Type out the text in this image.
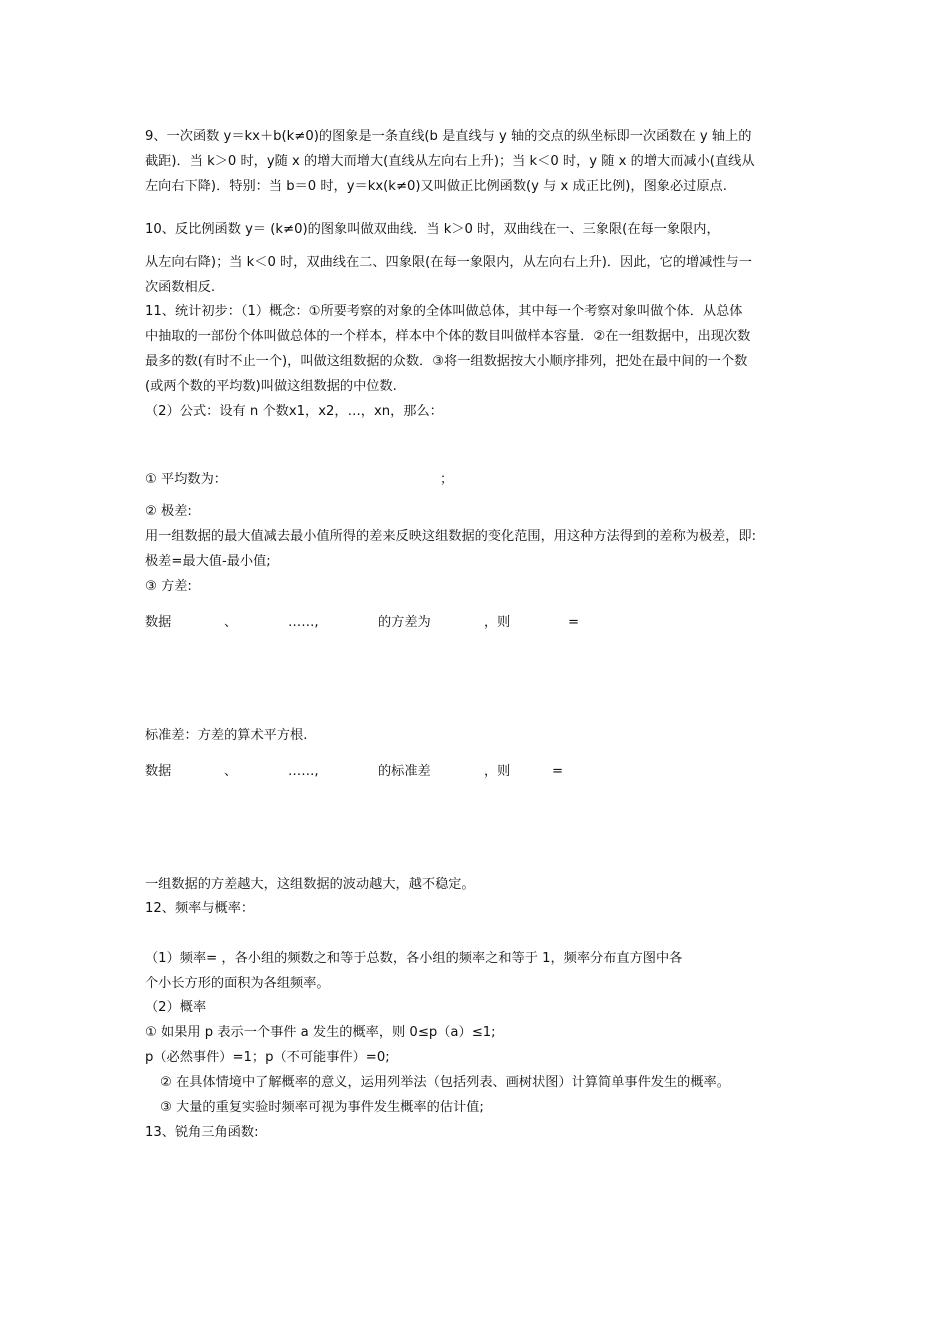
9、一次函数 y＝kx＋b(k≠0)的图象是一条直线(b 是直线与 y 轴的交点的纵坐标即一次函数在 y 轴上的
截距)．当 k＞0 时，y随 x 的增大而增大(直线从左向右上升)；当 k＜0 时，y 随 x 的增大而减小(直线从
左向右下降)．特别：当 b＝0 时，y＝kx(k≠0)又叫做正比例函数(y 与 x 成正比例)，图象必过原点.
10、反比例函数 y＝ (k≠0)的图象叫做双曲线．当 k＞0 时，双曲线在一、三象限(在每一象限内，
从左向右降)；当 k＜0 时，双曲线在二、四象限(在每一象限内，从左向右上升)．因此，它的增减性与一
次函数相反.
11、统计初步：（1）概念：①所要考察的对象的全体叫做总体，其中每一个考察对象叫做个体．从总体
中抽取的一部份个体叫做总体的一个样本，样本中个体的数目叫做样本容量．②在一组数据中，出现次数
最多的数(有时不止一个)，叫做这组数据的众数．③将一组数据按大小顺序排列，把处在最中间的一个数
(或两个数的平均数)叫做这组数据的中位数.
（2）公式：设有 n 个数x1，x2，…，xn，那么：
① 平均数为：	；
② 极差:
用一组数据的最大值减去最小值所得的差来反映这组数据的变化范围，用这种方法得到的差称为极差，即:
极差=最大值-最小值;
③ 方差:
数据	、	……,	的方差为	，则	=
标准差：方差的算术平方根.
数据	、	……,	的标准差	，则	=
一组数据的方差越大，这组数据的波动越大，越不稳定。
12、频率与概率：
（1）频率= ，各小组的频数之和等于总数，各小组的频率之和等于 1，频率分布直方图中各
个小长方形的面积为各组频率。
（2）概率
① 如果用 p 表示一个事件 a 发生的概率，则 0≤p（a）≤1;
p（必然事件）=1；p（不可能事件）=0;
② 在具体情境中了解概率的意义，运用列举法（包括列表、画树状图）计算简单事件发生的概率。
③ 大量的重复实验时频率可视为事件发生概率的估计值;
13、锐角三角函数:
